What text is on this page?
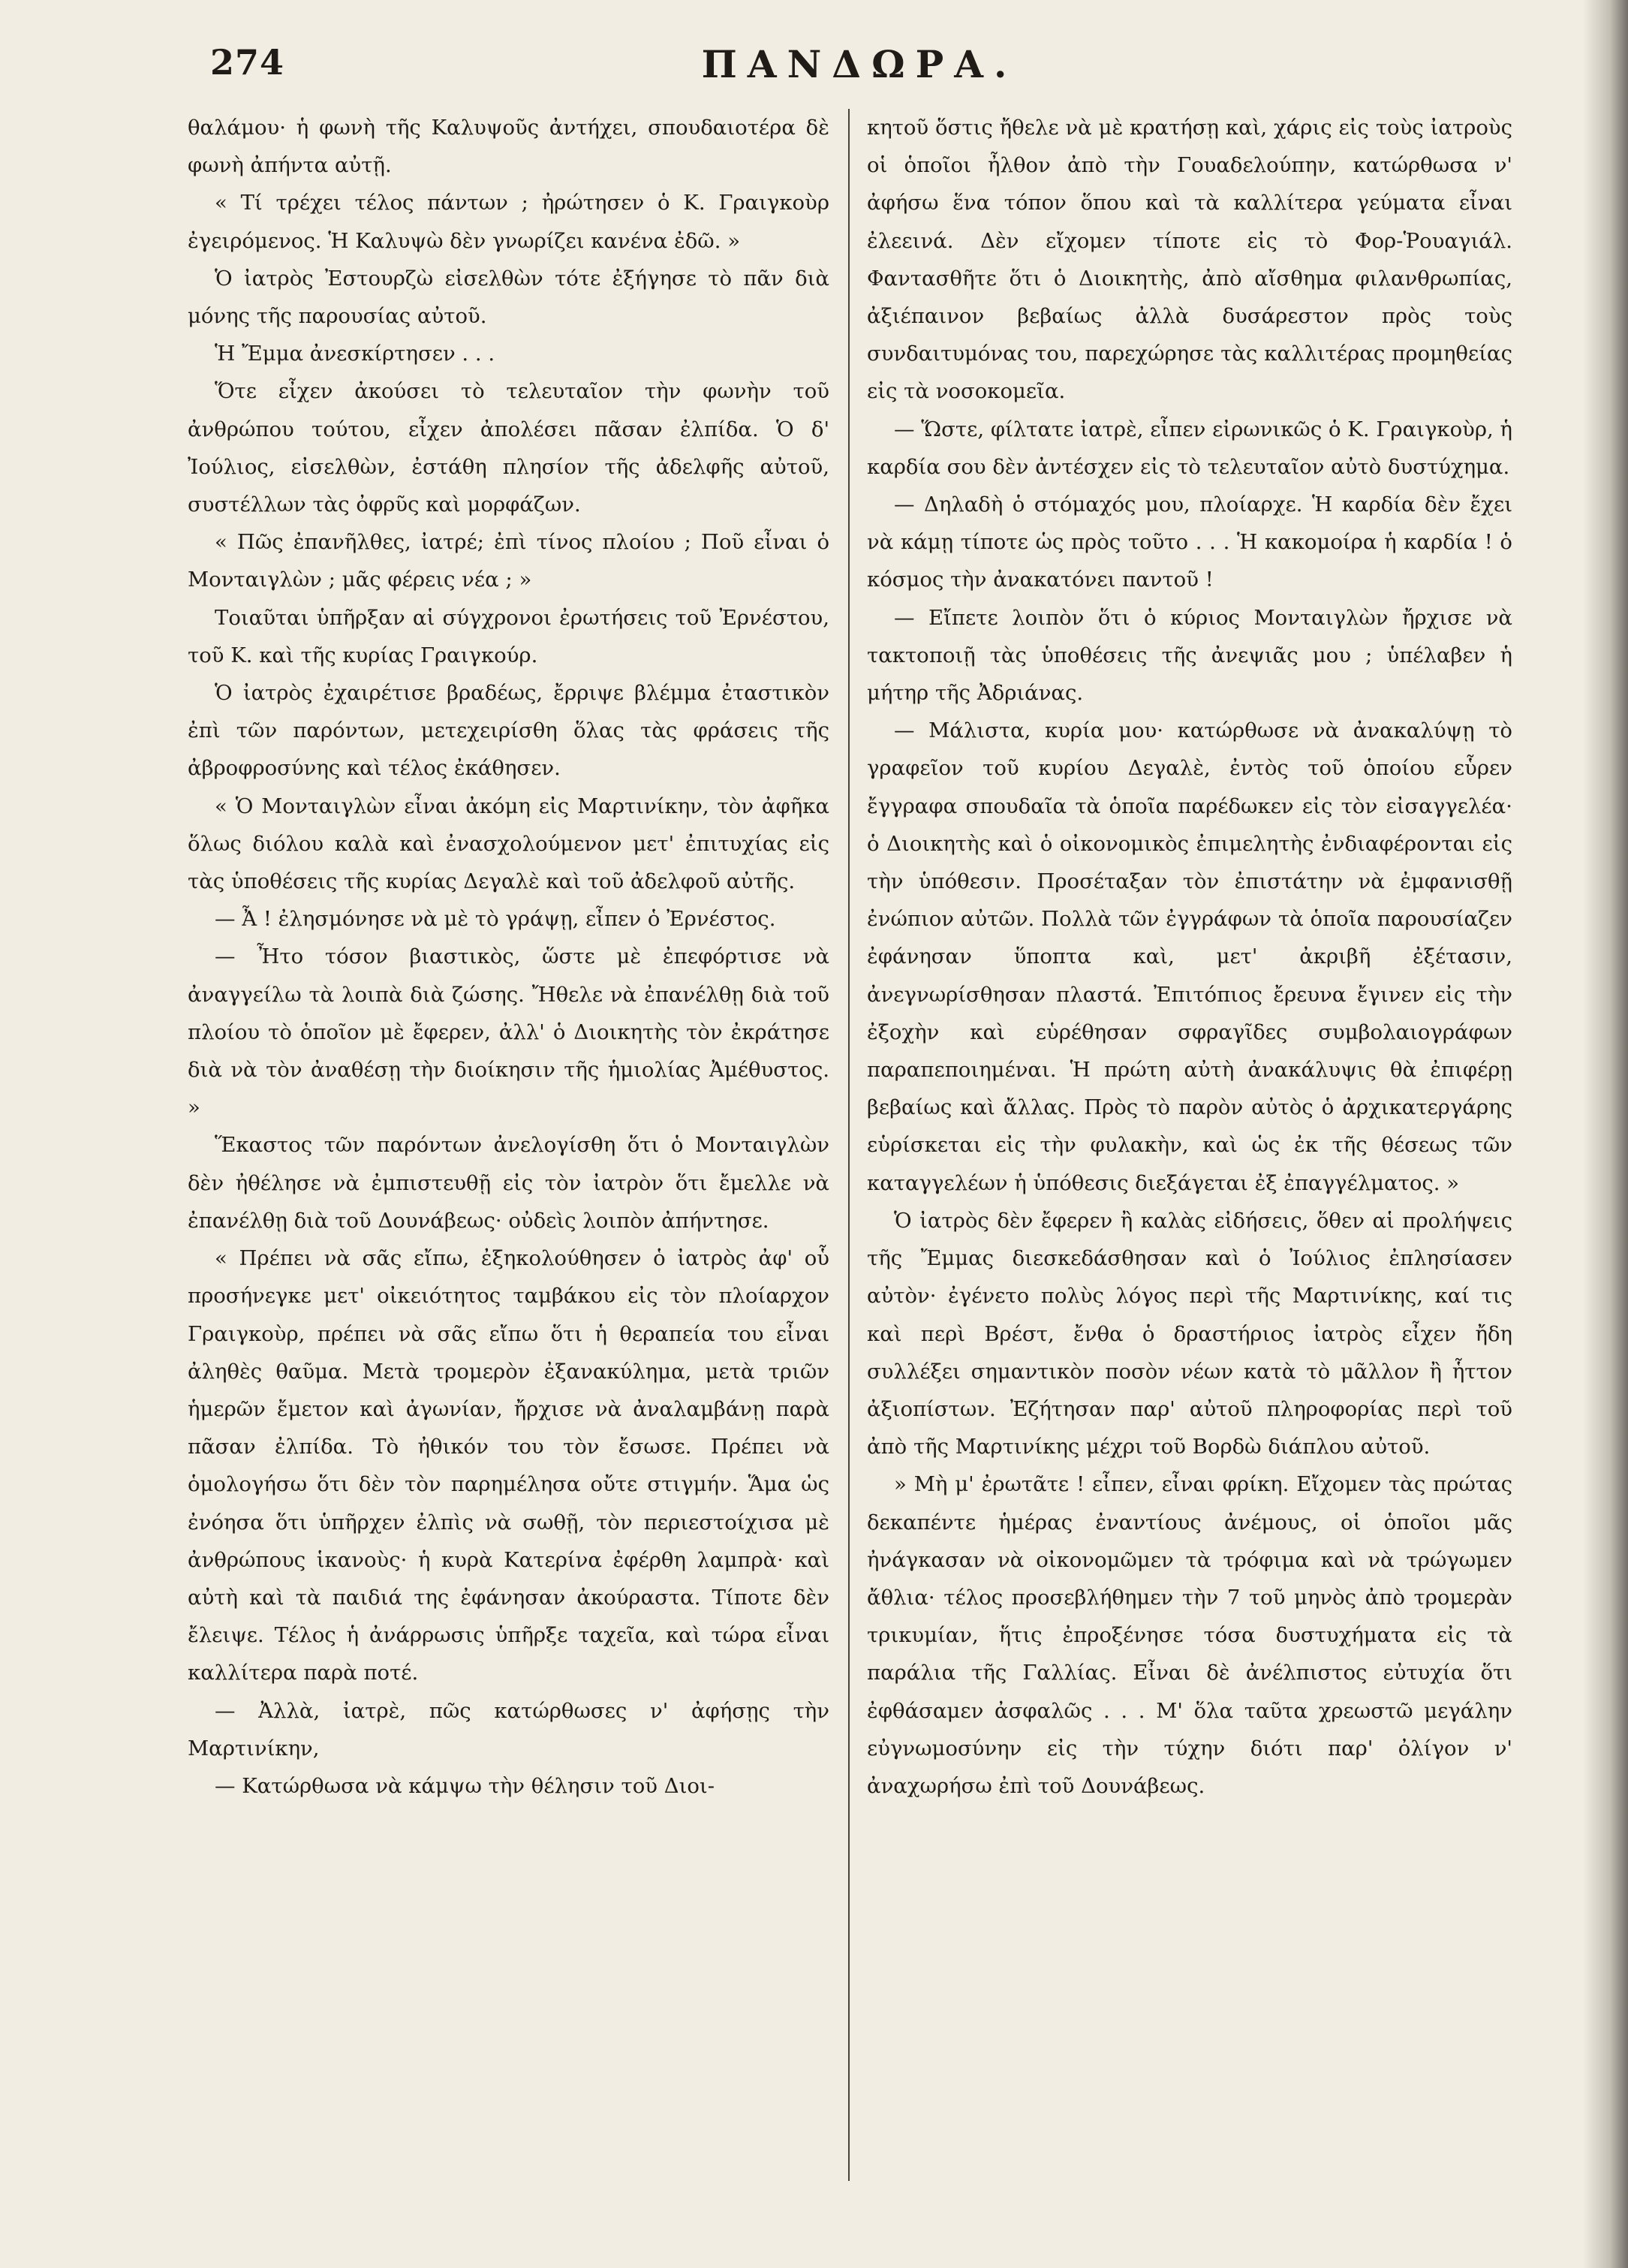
274	ΠΑΝΔΩΡΑ.

θαλάμου· ἡ φωνὴ τῆς Καλυψοῦς ἀντήχει, σπουδαιοτέρα δὲ φωνὴ ἀπήντα αὐτῇ.

« Τί τρέχει τέλος πάντων ; ἠρώτησεν ὁ Κ. Γραιγκοὺρ ἐγειρόμενος. Ἡ Καλυψὼ δὲν γνωρίζει κανένα ἐδῶ. »

Ὁ ἰατρὸς Ἐστουρζὼ εἰσελθὼν τότε ἐξήγησε τὸ πᾶν διὰ μόνης τῆς παρουσίας αὐτοῦ.

Ἡ Ἔμμα ἀνεσκίρτησεν . . .

Ὅτε εἶχεν ἀκούσει τὸ τελευταῖον τὴν φωνὴν τοῦ ἀνθρώπου τούτου, εἶχεν ἀπολέσει πᾶσαν ἐλπίδα. Ὁ δ' Ἰούλιος, εἰσελθὼν, ἐστάθη πλησίον τῆς ἀδελφῆς αὐτοῦ, συστέλλων τὰς ὀφρῦς καὶ μορφάζων.

« Πῶς ἐπανῆλθες, ἰατρέ; ἐπὶ τίνος πλοίου ; Ποῦ εἶναι ὁ Μονταιγλὼν ; μᾶς φέρεις νέα ; »

Τοιαῦται ὑπῆρξαν αἱ σύγχρονοι ἐρωτήσεις τοῦ Ἐρνέστου, τοῦ Κ. καὶ τῆς κυρίας Γραιγκούρ.

Ὁ ἰατρὸς ἐχαιρέτισε βραδέως, ἔρριψε βλέμμα ἐταστικὸν ἐπὶ τῶν παρόντων, μετεχειρίσθη ὅλας τὰς φράσεις τῆς ἀβροφροσύνης καὶ τέλος ἐκάθησεν.

« Ὁ Μονταιγλὼν εἶναι ἀκόμη εἰς Μαρτινίκην, τὸν ἀφῆκα ὅλως διόλου καλὰ καὶ ἐνασχολούμενον μετ' ἐπιτυχίας εἰς τὰς ὑποθέσεις τῆς κυρίας Δεγαλὲ καὶ τοῦ ἀδελφοῦ αὐτῆς.

— Ἆ ! ἐλησμόνησε νὰ μὲ τὸ γράψῃ, εἶπεν ὁ Ἐρνέστος.

— Ἦτο τόσον βιαστικὸς, ὥστε μὲ ἐπεφόρτισε νὰ ἀναγγείλω τὰ λοιπὰ διὰ ζώσης. Ἤθελε νὰ ἐπανέλθῃ διὰ τοῦ πλοίου τὸ ὁποῖον μὲ ἔφερεν, ἀλλ' ὁ Διοικητὴς τὸν ἐκράτησε διὰ νὰ τὸν ἀναθέσῃ τὴν διοίκησιν τῆς ἡμιολίας Ἀμέθυστος. »

Ἕκαστος τῶν παρόντων ἀνελογίσθη ὅτι ὁ Μονταιγλὼν δὲν ἠθέλησε νὰ ἐμπιστευθῇ εἰς τὸν ἰατρὸν ὅτι ἔμελλε νὰ ἐπανέλθῃ διὰ τοῦ Δουνάβεως· οὐδεὶς λοιπὸν ἀπήντησε.

« Πρέπει νὰ σᾶς εἴπω, ἐξηκολούθησεν ὁ ἰατρὸς ἀφ' οὗ προσήνεγκε μετ' οἰκειότητος ταμβάκου εἰς τὸν πλοίαρχον Γραιγκοὺρ, πρέπει νὰ σᾶς εἴπω ὅτι ἡ θεραπεία του εἶναι ἀληθὲς θαῦμα. Μετὰ τρομερὸν ἐξανακύλημα, μετὰ τριῶν ἡμερῶν ἔμετον καὶ ἀγωνίαν, ἤρχισε νὰ ἀναλαμβάνῃ παρὰ πᾶσαν ἐλπίδα. Τὸ ἠθικόν του τὸν ἔσωσε. Πρέπει νὰ ὁμολογήσω ὅτι δὲν τὸν παρημέλησα οὔτε στιγμήν. Ἅμα ὡς ἐνόησα ὅτι ὑπῆρχεν ἐλπὶς νὰ σωθῇ, τὸν περιεστοίχισα μὲ ἀνθρώπους ἱκανοὺς· ἡ κυρὰ Κατερίνα ἐφέρθη λαμπρὰ· καὶ αὐτὴ καὶ τὰ παιδιά της ἐφάνησαν ἀκούραστα. Τίποτε δὲν ἔλειψε. Τέλος ἡ ἀνάρρωσις ὑπῆρξε ταχεῖα, καὶ τώρα εἶναι καλλίτερα παρὰ ποτέ.

— Ἀλλὰ, ἰατρὲ, πῶς κατώρθωσες ν' ἀφήσῃς τὴν Μαρτινίκην,

— Κατώρθωσα νὰ κάμψω τὴν θέλησιν τοῦ Διοι-

κητοῦ ὅστις ἤθελε νὰ μὲ κρατήσῃ καὶ, χάρις εἰς τοὺς ἰατροὺς οἱ ὁποῖοι ἦλθον ἀπὸ τὴν Γουαδελούπην, κατώρθωσα ν' ἀφήσω ἕνα τόπον ὅπου καὶ τὰ καλλίτερα γεύματα εἶναι ἐλεεινά. Δὲν εἴχομεν τίποτε εἰς τὸ Φορ-Ῥουαγιάλ. Φαντασθῆτε ὅτι ὁ Διοικητὴς, ἀπὸ αἴσθημα φιλανθρωπίας, ἀξιέπαινον βεβαίως ἀλλὰ δυσάρεστον πρὸς τοὺς συνδαιτυμόνας του, παρεχώρησε τὰς καλλιτέρας προμηθείας εἰς τὰ νοσοκομεῖα.

— Ὥστε, φίλτατε ἰατρὲ, εἶπεν εἰρωνικῶς ὁ Κ. Γραιγκοὺρ, ἡ καρδία σου δὲν ἀντέσχεν εἰς τὸ τελευταῖον αὐτὸ δυστύχημα.

— Δηλαδὴ ὁ στόμαχός μου, πλοίαρχε. Ἡ καρδία δὲν ἔχει νὰ κάμῃ τίποτε ὡς πρὸς τοῦτο . . . Ἡ κακομοίρα ἡ καρδία ! ὁ κόσμος τὴν ἀνακατόνει παντοῦ !

— Εἴπετε λοιπὸν ὅτι ὁ κύριος Μονταιγλὼν ἤρχισε νὰ τακτοποιῇ τὰς ὑποθέσεις τῆς ἀνεψιᾶς μου ; ὑπέλαβεν ἡ μήτηρ τῆς Ἀδριάνας.

— Μάλιστα, κυρία μου· κατώρθωσε νὰ ἀνακαλύψῃ τὸ γραφεῖον τοῦ κυρίου Δεγαλὲ, ἐντὸς τοῦ ὁποίου εὗρεν ἔγγραφα σπουδαῖα τὰ ὁποῖα παρέδωκεν εἰς τὸν εἰσαγγελέα· ὁ Διοικητὴς καὶ ὁ οἰκονομικὸς ἐπιμελητὴς ἐνδιαφέρονται εἰς τὴν ὑπόθεσιν. Προσέταξαν τὸν ἐπιστάτην νὰ ἐμφανισθῇ ἐνώπιον αὐτῶν. Πολλὰ τῶν ἐγγράφων τὰ ὁποῖα παρουσίαζεν ἐφάνησαν ὕποπτα καὶ, μετ' ἀκριβῆ ἐξέτασιν, ἀνεγνωρίσθησαν πλαστά. Ἐπιτόπιος ἔρευνα ἔγινεν εἰς τὴν ἐξοχὴν καὶ εὑρέθησαν σφραγῖδες συμβολαιογράφων παραπεποιημέναι. Ἡ πρώτη αὐτὴ ἀνακάλυψις θὰ ἐπιφέρῃ βεβαίως καὶ ἄλλας. Πρὸς τὸ παρὸν αὐτὸς ὁ ἀρχικατεργάρης εὑρίσκεται εἰς τὴν φυλακὴν, καὶ ὡς ἐκ τῆς θέσεως τῶν καταγγελέων ἡ ὑπόθεσις διεξάγεται ἐξ ἐπαγγέλματος. »

Ὁ ἰατρὸς δὲν ἔφερεν ἢ καλὰς εἰδήσεις, ὅθεν αἱ προλήψεις τῆς Ἔμμας διεσκεδάσθησαν καὶ ὁ Ἰούλιος ἐπλησίασεν αὐτὸν· ἐγένετο πολὺς λόγος περὶ τῆς Μαρτινίκης, καί τις καὶ περὶ Βρέστ, ἔνθα ὁ δραστήριος ἰατρὸς εἶχεν ἤδη συλλέξει σημαντικὸν ποσὸν νέων κατὰ τὸ μᾶλλον ἢ ἧττον ἀξιοπίστων. Ἐζήτησαν παρ' αὐτοῦ πληροφορίας περὶ τοῦ ἀπὸ τῆς Μαρτινίκης μέχρι τοῦ Βορδὼ διάπλου αὐτοῦ.

» Μὴ μ' ἐρωτᾶτε ! εἶπεν, εἶναι φρίκη. Εἴχομεν τὰς πρώτας δεκαπέντε ἡμέρας ἐναντίους ἀνέμους, οἱ ὁποῖοι μᾶς ἠνάγκασαν νὰ οἰκονομῶμεν τὰ τρόφιμα καὶ νὰ τρώγωμεν ἄθλια· τέλος προσεβλήθημεν τὴν 7 τοῦ μηνὸς ἀπὸ τρομερὰν τρικυμίαν, ἥτις ἐπροξένησε τόσα δυστυχήματα εἰς τὰ παράλια τῆς Γαλλίας. Εἶναι δὲ ἀνέλπιστος εὐτυχία ὅτι ἐφθάσαμεν ἀσφαλῶς . . . Μ' ὅλα ταῦτα χρεωστῶ μεγάλην εὐγνωμοσύνην εἰς τὴν τύχην διότι παρ' ὀλίγον ν' ἀναχωρήσω ἐπὶ τοῦ Δουνάβεως.
